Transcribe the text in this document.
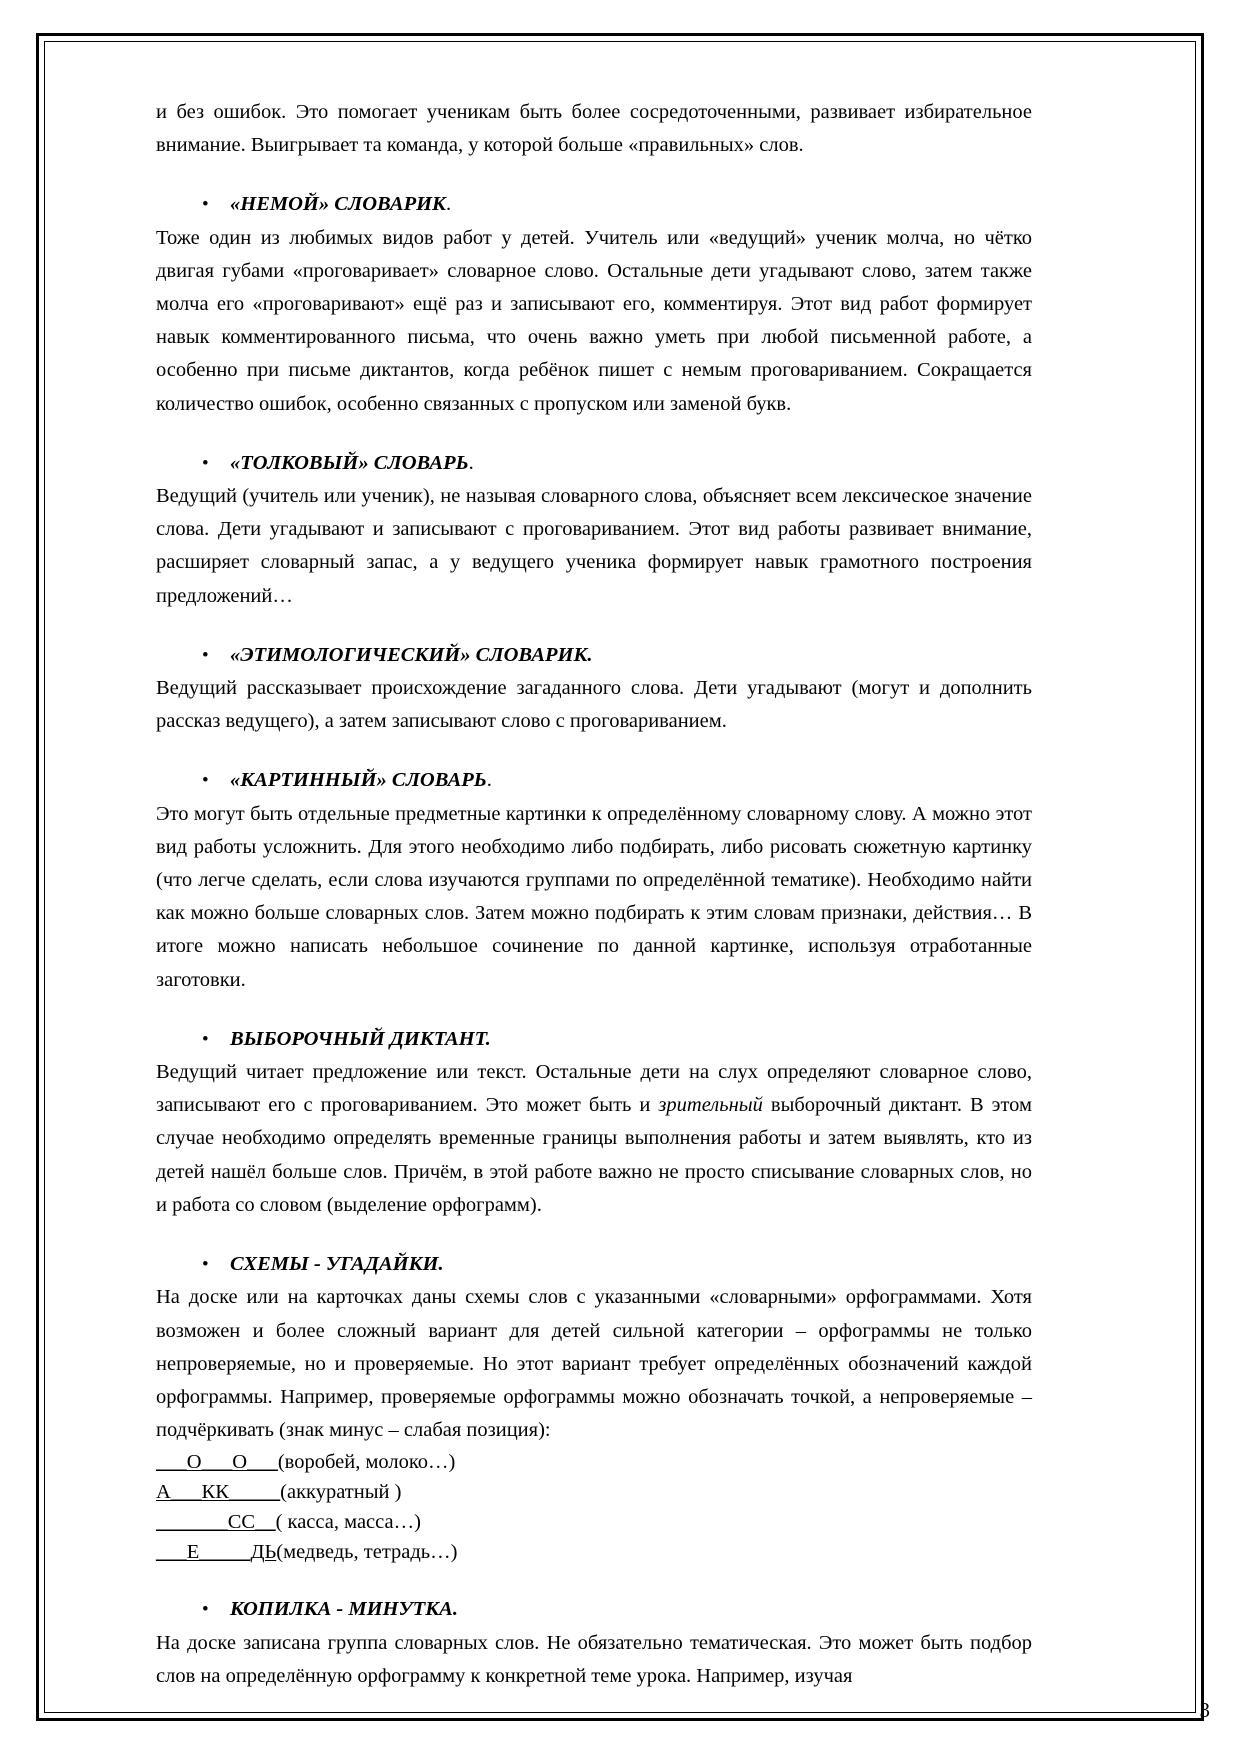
и без ошибок. Это помогает ученикам быть более сосредоточенными, развивает избирательное внимание. Выигрывает та команда, у которой больше «правильных» слов.

• «НЕМОЙ» СЛОВАРИК.

Тоже один из любимых видов работ у детей. Учитель или «ведущий» ученик молча, но чётко двигая губами «проговаривает» словарное слово. Остальные дети угадывают слово, затем также молча его «проговаривают» ещё раз и записывают его, комментируя. Этот вид работ формирует навык комментированного письма, что очень важно уметь при любой письменной работе, а особенно при письме диктантов, когда ребёнок пишет с немым проговариванием. Сокращается количество ошибок, особенно связанных с пропуском или заменой букв.

• «ТОЛКОВЫЙ» СЛОВАРЬ.

Ведущий (учитель или ученик), не называя словарного слова, объясняет всем лексическое значение слова. Дети угадывают и записывают с проговариванием. Этот вид работы развивает внимание, расширяет словарный запас, а у ведущего ученика формирует навык грамотного построения предложений…

• «ЭТИМОЛОГИЧЕСКИЙ» СЛОВАРИК.

Ведущий рассказывает происхождение загаданного слова. Дети угадывают (могут и дополнить рассказ ведущего), а затем записывают слово с проговариванием.

• «КАРТИННЫЙ» СЛОВАРЬ.

Это могут быть отдельные предметные картинки к определённому словарному слову. А можно этот вид работы усложнить. Для этого необходимо либо подбирать, либо рисовать сюжетную картинку (что легче сделать, если слова изучаются группами по определённой тематике). Необходимо найти как можно больше словарных слов. Затем можно подбирать к этим словам признаки, действия… В итоге можно написать небольшое сочинение по данной картинке, используя отработанные заготовки.

• ВЫБОРОЧНЫЙ ДИКТАНТ.

Ведущий читает предложение или текст. Остальные дети на слух определяют словарное слово, записывают его с проговариванием. Это может быть и зрительный выборочный диктант. В этом случае необходимо определять временные границы выполнения работы и затем выявлять, кто из детей нашёл больше слов. Причём, в этой работе важно не просто списывание словарных слов, но и работа со словом (выделение орфограмм).

• СХЕМЫ - УГАДАЙКИ.

На доске или на карточках даны схемы слов с указанными «словарными» орфограммами. Хотя возможен и более сложный вариант для детей сильной категории – орфограммы не только непроверяемые, но и проверяемые. Но этот вариант требует определённых обозначений каждой орфограммы. Например, проверяемые орфограммы можно обозначать точкой, а непроверяемые – подчёркивать (знак минус – слабая позиция):

___О___О___(воробей, молоко…)
А___КК_____(аккуратный )
_______СС__( касса, масса…)
___Е_____ДЬ(медведь, тетрадь…)
• КОПИЛКА - МИНУТКА.

На доске записана группа словарных слов. Не обязательно тематическая. Это может быть подбор слов на определённую орфограмму к конкретной теме урока. Например, изучая

3
